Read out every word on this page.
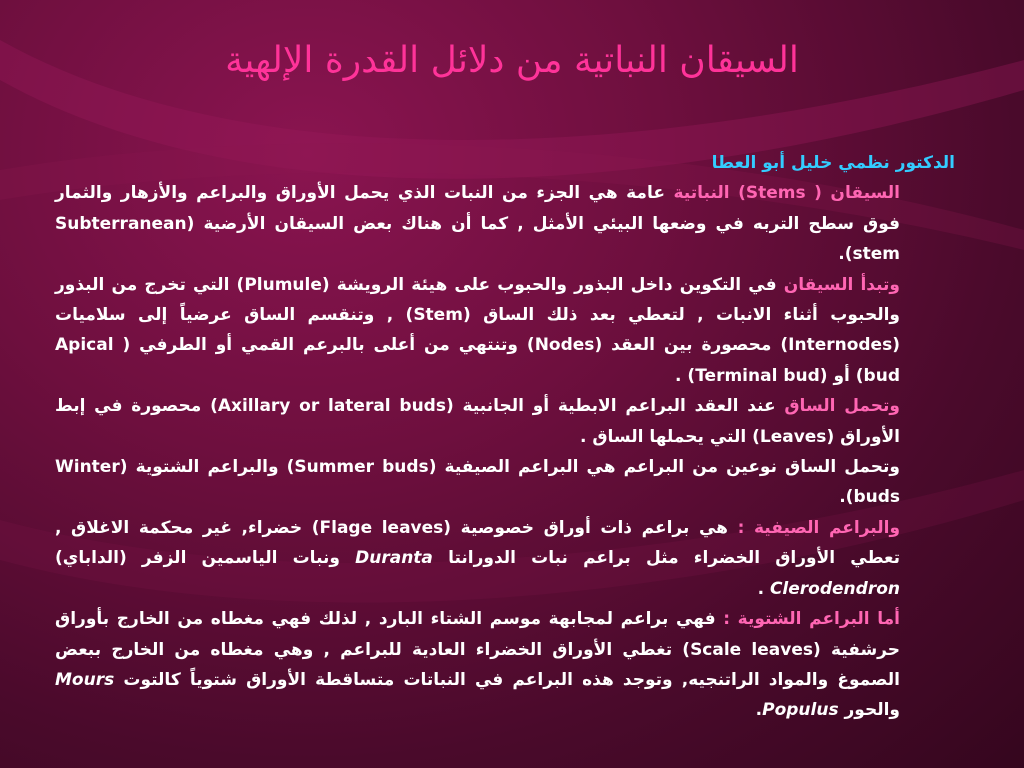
السيقان النباتية من دلائل القدرة الإلهية

الدكتور نظمي خليل أبو العطا

السيقان ( Stems) النباتية عامة هي الجزء من النبات الذي يحمل الأوراق والبراعم والأزهار والثمار فوق سطح التربه في وضعها البيئي الأمثل , كما أن هناك بعض السيقان الأرضية (Subterranean stem).

وتبدأ السيقان في التكوين داخل البذور والحبوب على هيئة الرويشة (Plumule) التي تخرج من البذور والحبوب أثناء الانبات , لتعطي بعد ذلك الساق (Stem) , وتنقسم الساق عرضياً إلى سلاميات (Internodes) محصورة بين العقد (Nodes) وتنتهي من أعلى بالبرعم القمي أو الطرفي ( Apical bud) أو (Terminal bud) .

وتحمل الساق عند العقد البراعم الابطية أو الجانبية (Axillary or lateral buds) محصورة في إبط الأوراق (Leaves) التي يحملها الساق .

وتحمل الساق نوعين من البراعم هي البراعم الصيفية (Summer buds) والبراعم الشتوية (Winter buds).

والبراعم الصيفية : هي براعم ذات أوراق خصوصية (Flage leaves) خضراء, غير محكمة الاغلاق , تعطي الأوراق الخضراء مثل براعم نبات الدورانتا Duranta ونبات الياسمين الزفر (الداباي) Clerodendron .

أما البراعم الشتوية : فهي براعم لمجابهة موسم الشتاء البارد , لذلك فهي مغطاه من الخارج بأوراق حرشفية (Scale leaves) تغطي الأوراق الخضراء العادية للبراعم , وهي مغطاه من الخارج ببعض الصموغ والمواد الراتنجيه, وتوجد هذه البراعم في النباتات متساقطة الأوراق شتوياً كالتوت Mours والحور Populus.
